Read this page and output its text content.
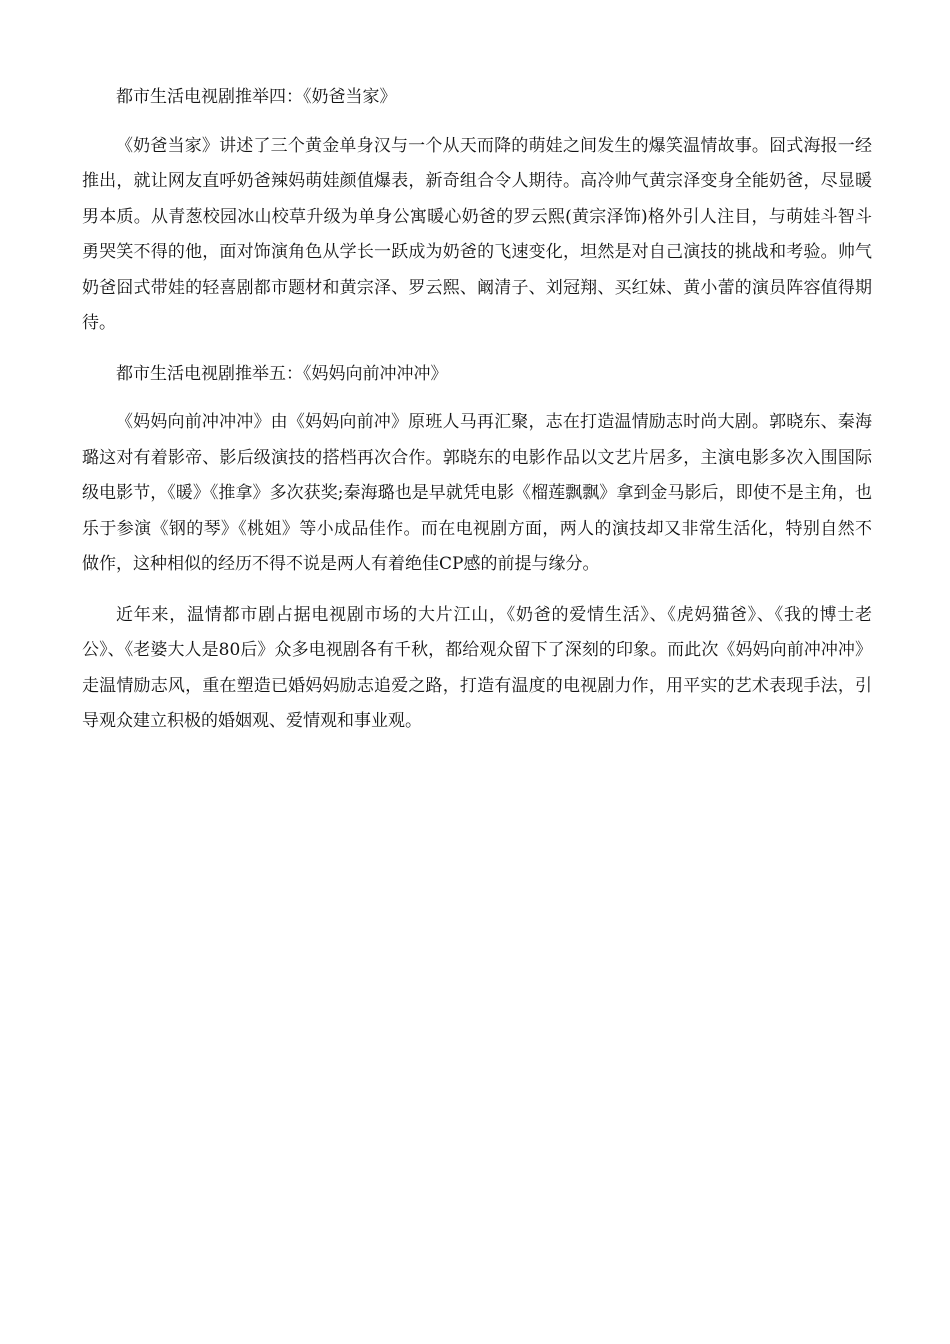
都市生活电视剧推举四：《奶爸当家》

《奶爸当家》讲述了三个黄金单身汉与一个从天而降的萌娃之间发生的爆笑温情故事。囧式海报一经推出，就让网友直呼奶爸辣妈萌娃颜值爆表，新奇组合令人期待。高冷帅气黄宗泽变身全能奶爸，尽显暖男本质。从青葱校园冰山校草升级为单身公寓暖心奶爸的罗云熙(黄宗泽饰)格外引人注目，与萌娃斗智斗勇哭笑不得的他，面对饰演角色从学长一跃成为奶爸的飞速变化，坦然是对自己演技的挑战和考验。帅气奶爸囧式带娃的轻喜剧都市题材和黄宗泽、罗云熙、阚清子、刘冠翔、买红妹、黄小蕾的演员阵容值得期待。

都市生活电视剧推举五：《妈妈向前冲冲冲》

《妈妈向前冲冲冲》由《妈妈向前冲》原班人马再汇聚，志在打造温情励志时尚大剧。郭晓东、秦海璐这对有着影帝、影后级演技的搭档再次合作。郭晓东的电影作品以文艺片居多，主演电影多次入围国际级电影节，《暖》《推拿》多次获奖;秦海璐也是早就凭电影《榴莲飘飘》拿到金马影后，即使不是主角，也乐于参演《钢的琴》《桃姐》等小成品佳作。而在电视剧方面，两人的演技却又非常生活化，特别自然不做作，这种相似的经历不得不说是两人有着绝佳CP感的前提与缘分。

近年来，温情都市剧占据电视剧市场的大片江山，《奶爸的爱情生活》、《虎妈猫爸》、《我的博士老公》、《老婆大人是80后》众多电视剧各有千秋，都给观众留下了深刻的印象。而此次《妈妈向前冲冲冲》走温情励志风，重在塑造已婚妈妈励志追爱之路，打造有温度的电视剧力作，用平实的艺术表现手法，引导观众建立积极的婚姻观、爱情观和事业观。
